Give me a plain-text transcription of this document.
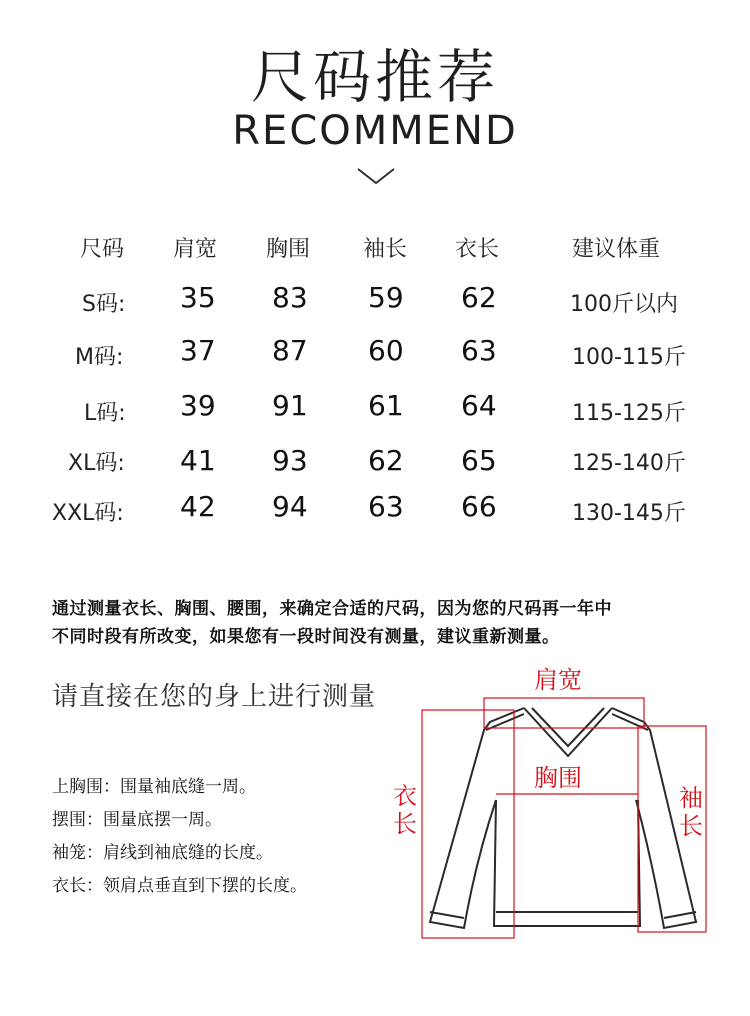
尺码推荐
RECOMMEND
尺码 肩宽 胸围 袖长 衣长	建议体重
S码: 35 83 59 62	100斤以内
M码: 37 87 60 63	100-115斤
L码: 39 91 61 64	115-125斤
XL码: 41 93 62 65	125-140斤
XXL码: 42 94 63 66	130-145斤
通过测量衣长、胸围、腰围，来确定合适的尺码，因为您的尺码再一年中
不同时段有所改变，如果您有一段时间没有测量，建议重新测量。
请直接在您的身上进行测量
上胸围：围量袖底缝一周。
摆围：围量底摆一周。
袖笼：肩线到袖底缝的长度。
衣长：领肩点垂直到下摆的长度。
肩宽
胸围
衣
长
袖
长
